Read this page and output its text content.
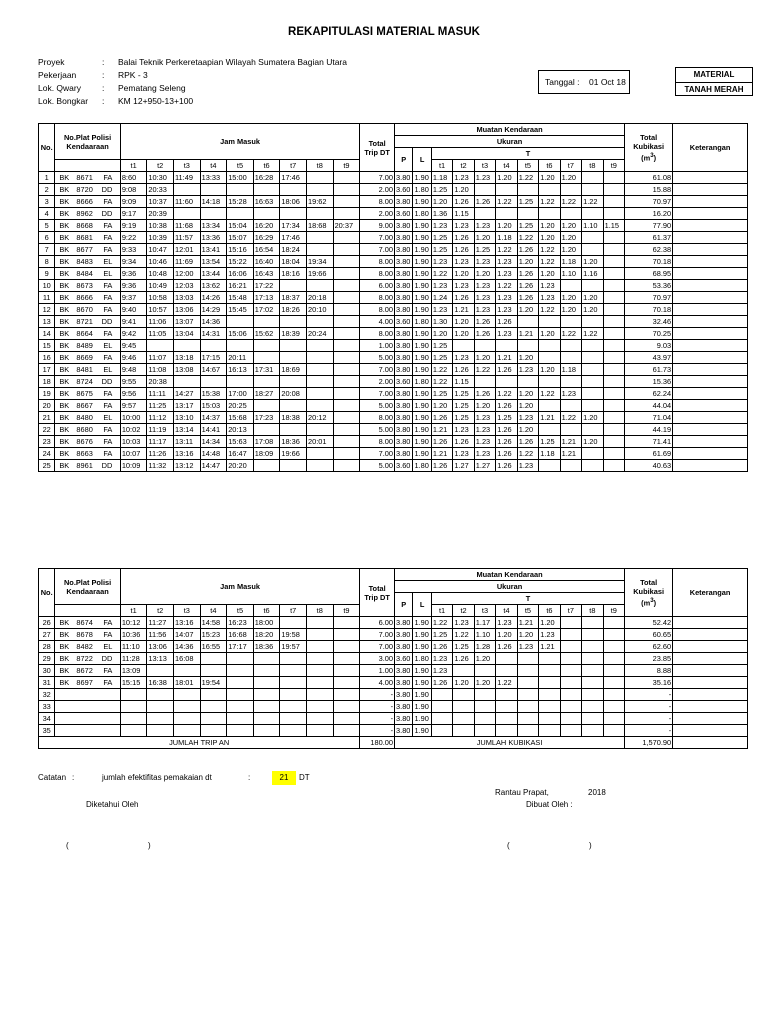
REKAPITULASI MATERIAL MASUK
Proyek	: Balai Teknik Perkeretaapian Wilayah Sumatera Bagian Utara
Pekerjaan	: RPK - 3
Lok. Qwary : Pematang Seleng
Lok. Bongkar : KM 12+950-13+100
Tanggal : 01 Oct 18
MATERIAL
TANAH MERAH
No.	No.Plat Polisi Kendaaraan	Jam Masuk									Total Trip DT	Muatan Kendaraan											Total Kubikasi
$(m^3)$	Keterangan
												Ukuran												
												P	L	T										
		t1	t2	t3	t4	t5	t6	t7	t8	t9				t1	t2	t3	t4	t5	t6	t7	t8	t9		
1	BK 8671 FA	8:60	10:30	11:49	13:33	15:00	16:28	17:46			7.00	3.80	1.90	1.18	1.23	1.23	1.20	1.22	1.20	1.20			61.08	
2	BK 8720 DD	9:08	20:33								2.00	3.60	1.80	1.25	1.20								15.88	
3	BK 8666 FA	9:09	10:37	11:60	14:18	15:28	16:63	18:06	19:62		8.00	3.80	1.90	1.20	1.26	1.26	1.22	1.25	1.22	1.22	1.22		70.97	
4	BK 8962 DD	9:17	20:39								2.00	3.60	1.80	1.36	1.15								16.20	
5	BK 8668 FA	9:19	10:38	11:68	13:34	15:04	16:20	17:34	18:68	20:37	9.00	3.80	1.90	1.23	1.23	1.23	1.20	1.25	1.20	1.20	1.10	1.15	77.90	
6	BK 8681 FA	9:22	10:39	11:57	13:36	15:07	16:29	17:46			7.00	3.80	1.90	1.25	1.26	1.20	1.18	1.22	1.20	1.20			61.37	
7	BK 8677 FA	9:33	10:47	12:01	13:41	15:16	16:54	18:24			7.00	3.80	1.90	1.25	1.26	1.25	1.22	1.26	1.22	1.20			62.38	
8	BK 8483 EL	9:34	10:46	11:69	13:54	15:22	16:40	18:04	19:34		8.00	3.80	1.90	1.23	1.23	1.23	1.23	1.20	1.22	1.18	1.20		70.18	
9	BK 8484 EL	9:36	10:48	12:00	13:44	16:06	16:43	18:16	19:66		8.00	3.80	1.90	1.22	1.20	1.20	1.23	1.26	1.20	1.10	1.16		68.95	
10	BK 8673 FA	9:36	10:49	12:03	13:62	16:21	17:22				6.00	3.80	1.90	1.23	1.23	1.23	1.22	1.26	1.23				53.36	
11	BK 8666 FA	9:37	10:58	13:03	14:26	15:48	17:13	18:37	20:18		8.00	3.80	1.90	1.24	1.26	1.23	1.23	1.26	1.23	1.20	1.20		70.97	
12	BK 8670 FA	9:40	10:57	13:06	14:29	15:45	17:02	18:26	20:10		8.00	3.80	1.90	1.23	1.21	1.23	1.23	1.20	1.22	1.20	1.20		70.18	
13	BK 8721 DD	9:41	11:06	13:07	14:36						4.00	3.60	1.80	1.30	1.20	1.26	1.26						32.46	
14	BK 8664 FA	9:42	11:05	13:04	14:31	15:06	15:62	18:39	20:24		8.00	3.80	1.90	1.20	1.20	1.26	1.23	1.21	1.20	1.22	1.22		70.25	
15	BK 8489 EL	9:45									1.00	3.80	1.90	1.25									9.03	
16	BK 8669 FA	9:46	11:07	13:18	17:15	20:11					5.00	3.80	1.90	1.25	1.23	1.20	1.21	1.20					43.97	
17	BK 8481 EL	9:48	11:08	13:08	14:67	16:13	17:31	18:69			7.00	3.80	1.90	1.22	1.26	1.22	1.26	1.23	1.20	1.18			61.73	
18	BK 8724 DD	9:55	20:38								2.00	3.60	1.80	1.22	1.15								15.36	
19	BK 8675 FA	9:56	11:11	14:27	15:38	17:00	18:27	20:08			7.00	3.80	1.90	1.25	1.25	1.26	1.22	1.20	1.22	1.23			62.24	
20	BK 8667 FA	9:57	11:25	13:17	15:03	20:25					5.00	3.80	1.90	1.20	1.25	1.20	1.26	1.20					44.04	
21	BK 8480 EL	10:00	11:12	13:10	14:37	15:68	17:23	18:38	20:12		8.00	3.80	1.90	1.26	1.25	1.23	1.25	1.23	1.21	1.22	1.20		71.04	
22	BK 8680 FA	10:02	11:19	13:14	14:41	20:13					5.00	3.80	1.90	1.21	1.23	1.23	1.26	1.20					44.19	
23	BK 8676 FA	10:03	11:17	13:11	14:34	15:63	17:08	18:36	20:01		8.00	3.80	1.90	1.26	1.26	1.23	1.26	1.26	1.25	1.21	1.20		71.41	
24	BK 8663 FA	10:07	11:26	13:16	14:48	16:47	18:09	19:66			7.00	3.80	1.90	1.21	1.23	1.23	1.26	1.22	1.18	1.21			61.69	
25	BK 8961 DD	10:09	11:32	13:12	14:47	20:20					5.00	3.60	1.80	1.26	1.27	1.27	1.26	1.23					40.63	
No.	No.Plat Polisi Kendaaraan	Jam Masuk									Total Trip DT	Muatan Kendaraan											Total Kubikasi
$(m^3)$	Keterangan
												Ukuran												
												P	L	T										
		t1	t2	t3	t4	t5	t6	t7	t8	t9				t1	t2	t3	t4	t5	t6	t7	t8	t9		
26	BK 8674 FA	10:12	11:27	13:16	14:58	16:23	18:00				6.00	3.80	1.90	1.22	1.23	1.17	1.23	1.21	1.20				52.42	
27	BK 8678 FA	10:36	11:56	14:07	15:23	16:68	18:20	19:58			7.00	3.80	1.90	1.25	1.22	1.10	1.20	1.20	1.23				60.65	
28	BK 8482 EL	11:10	13:06	14:36	16:55	17:17	18:36	19:57			7.00	3.80	1.90	1.26	1.25	1.28	1.26	1.23	1.21				62.60	
29	BK 8722 DD	11:28	13:13	16:08							3.00	3.60	1.80	1.23	1.26	1.20							23.85	
30	BK 8672 FA	13:09									1.00	3.80	1.90	1.23									8.88	
31	BK 8697 FA	15:15	16:38	18:01	19:54						4.00	3.80	1.90	1.26	1.20	1.20	1.22						35.16	
32											-	3.80	1.90										-	
33											-	3.80	1.90										-	
34											-	3.80	1.90										-	
35											-	3.80	1.90										-	
JUMLAH TRIP AN											180.00	JUMLAH KUBIKASI											1,570.90	
Catatan :	jumlah efektifitas pemakaian dt	:	21	DT
Rantau Prapat,	2018
Diketahui Oleh	Dibuat Oleh :
(	)	(	)
